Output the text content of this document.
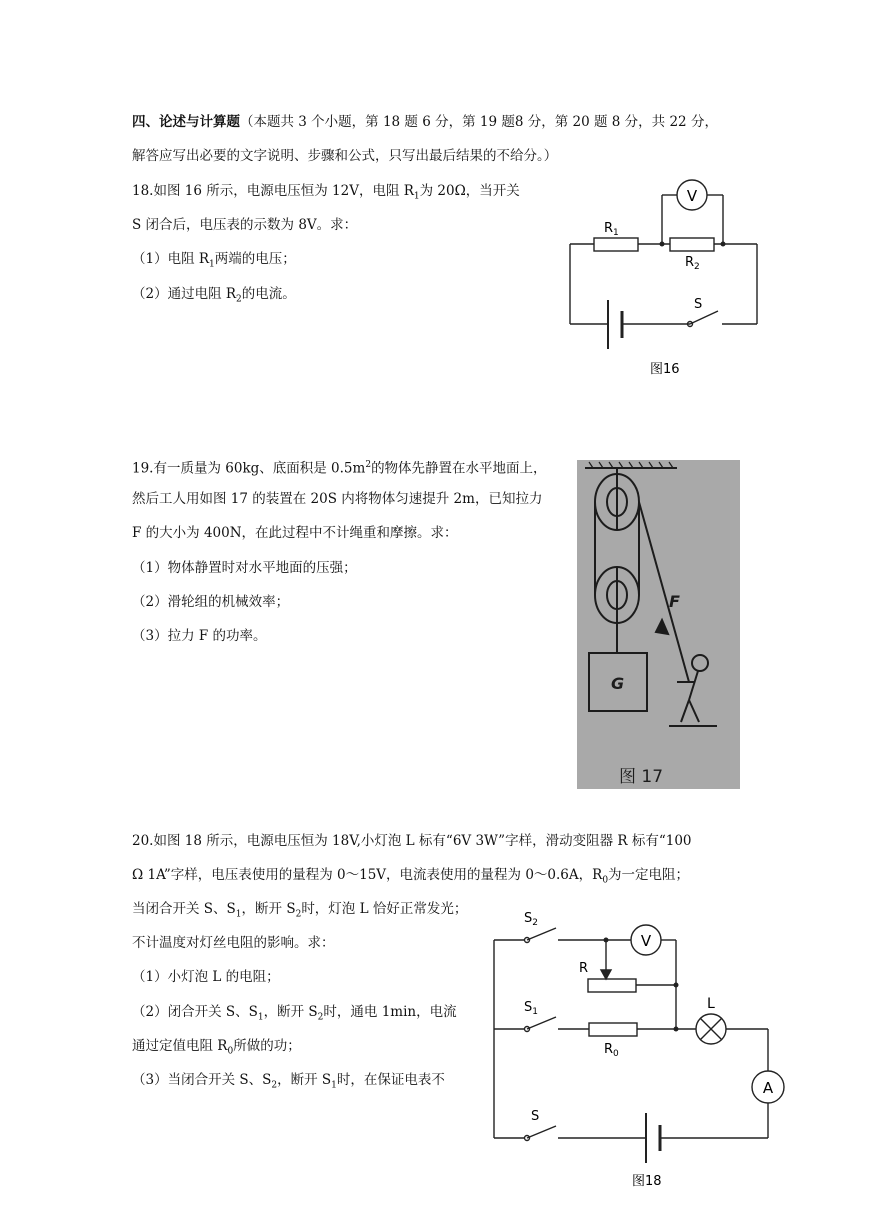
四、论述与计算题（本题共 3 个小题，第 18 题 6 分，第 19 题8 分，第 20 题 8 分，共 22 分，
解答应写出必要的文字说明、步骤和公式，只写出最后结果的不给分。）
18.如图 16 所示，电源电压恒为 12V，电阻 $R_1$为 20Ω，当开关
S 闭合后，电压表的示数为 8V。求：
（1）电阻 $R_1$两端的电压；
（2）通过电阻 $R_2$的电流。
V
$R_1$
$R_2$
S
图16
19.有一质量为 60kg、底面积是 $0.5m^2$的物体先静置在水平地面上，
然后工人用如图 17 的装置在 20S 内将物体匀速提升 2m，已知拉力
F 的大小为 400N，在此过程中不计绳重和摩擦。求：
（1）物体静置时对水平地面的压强；
（2）滑轮组的机械效率；
（3）拉力 F 的功率。
F
G
图 17
20.如图 18 所示，电源电压恒为 18V,小灯泡 L 标有“6V 3W”字样，滑动变阻器 R 标有“100
Ω 1A”字样，电压表使用的量程为 0～15V，电流表使用的量程为 0～0.6A，$R_0$为一定电阻；
当闭合开关 S、$S_1$，断开 $S_2$时，灯泡 L 恰好正常发光；
不计温度对灯丝电阻的影响。求：
（1）小灯泡 L 的电阻；
（2）闭合开关 S、$S_1$，断开 $S_2$时，通电 1min，电流
通过定值电阻 $R_0$所做的功；
（3）当闭合开关 S、$S_2$，断开 $S_1$时，在保证电表不
V
A
$S_2$
R
$S_1$
$R_0$
L
S
图18
